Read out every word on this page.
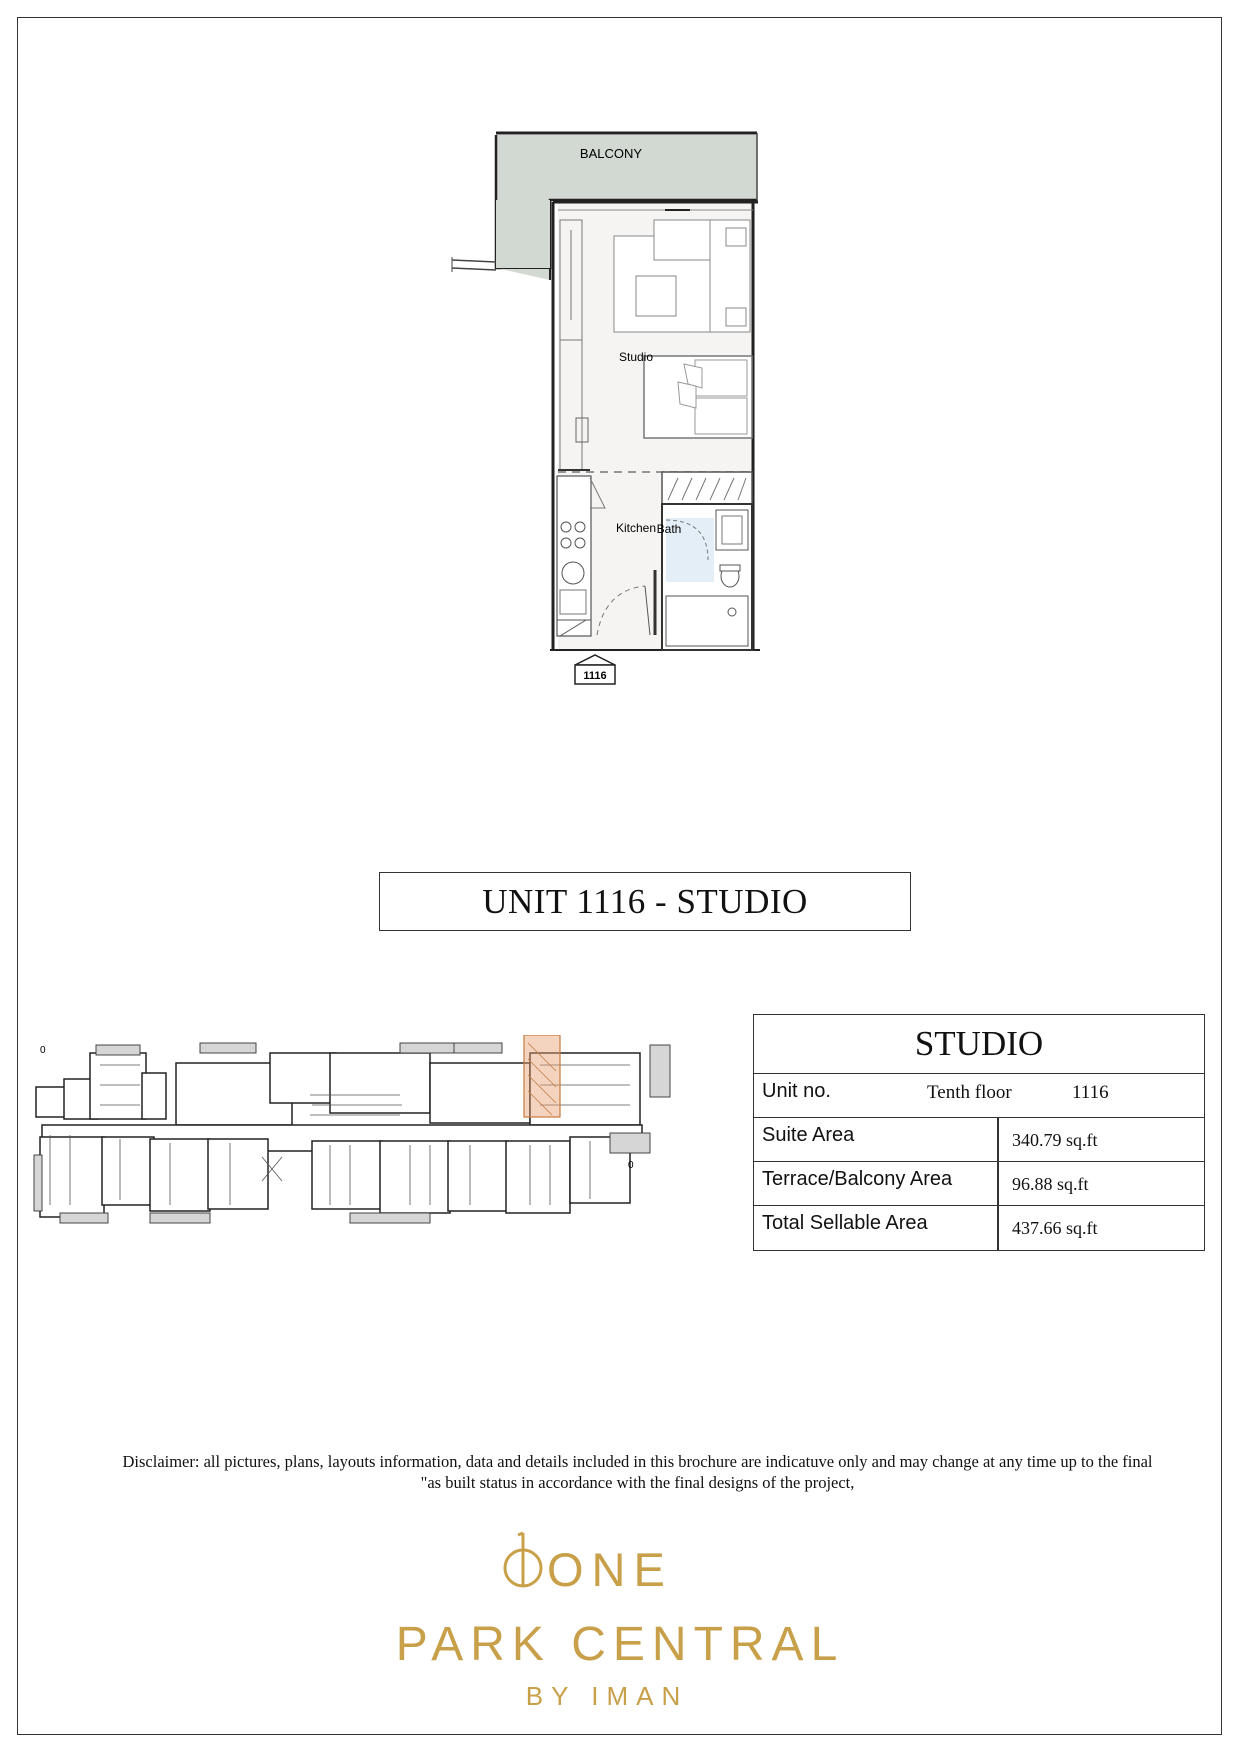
BALCONY
Studio
Kitchen Bath
1116
UNIT 1116 - STUDIO
0
0
STUDIO
Unit no.	Tenth floor	1116
Suite Area	340.79 sq.ft
Terrace/Balcony Area	96.88 sq.ft
Total Sellable Area	437.66 sq.ft
Disclaimer: all pictures, plans, layouts information, data and details included in this brochure are indicatuve only and may change at any time up to the final
"as built status in accordance with the final designs of the project,
ONE
PARK CENTRAL
BY IMAN
